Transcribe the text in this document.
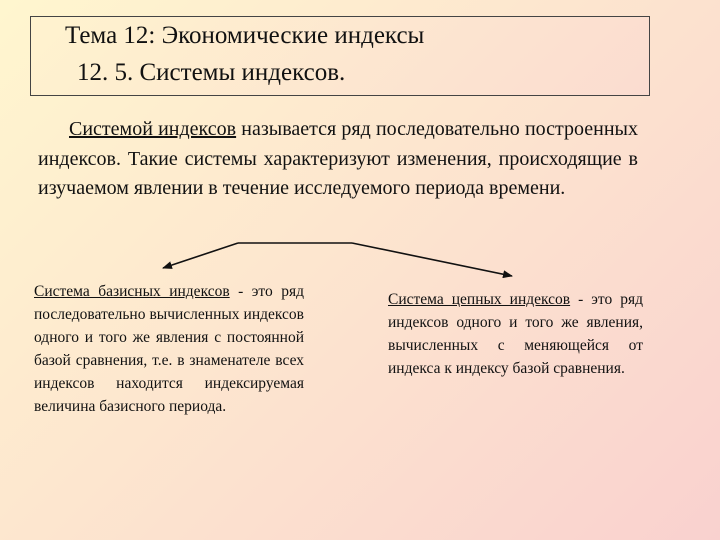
Тема 12: Экономические индексы
12. 5. Системы индексов.
Системой индексов называется ряд последовательно построенных индексов. Такие системы характеризуют изменения, происходящие в изучаемом явлении в течение исследуемого периода времени.
Система базисных индексов - это ряд последовательно вычисленных индексов одного и того же явления с постоянной базой сравнения, т.е. в знаменателе всех индексов находится индексируемая величина базисного периода.
Система цепных индексов - это ряд индексов одного и того же явления, вычисленных с меняющейся от индекса к индексу базой сравнения.
